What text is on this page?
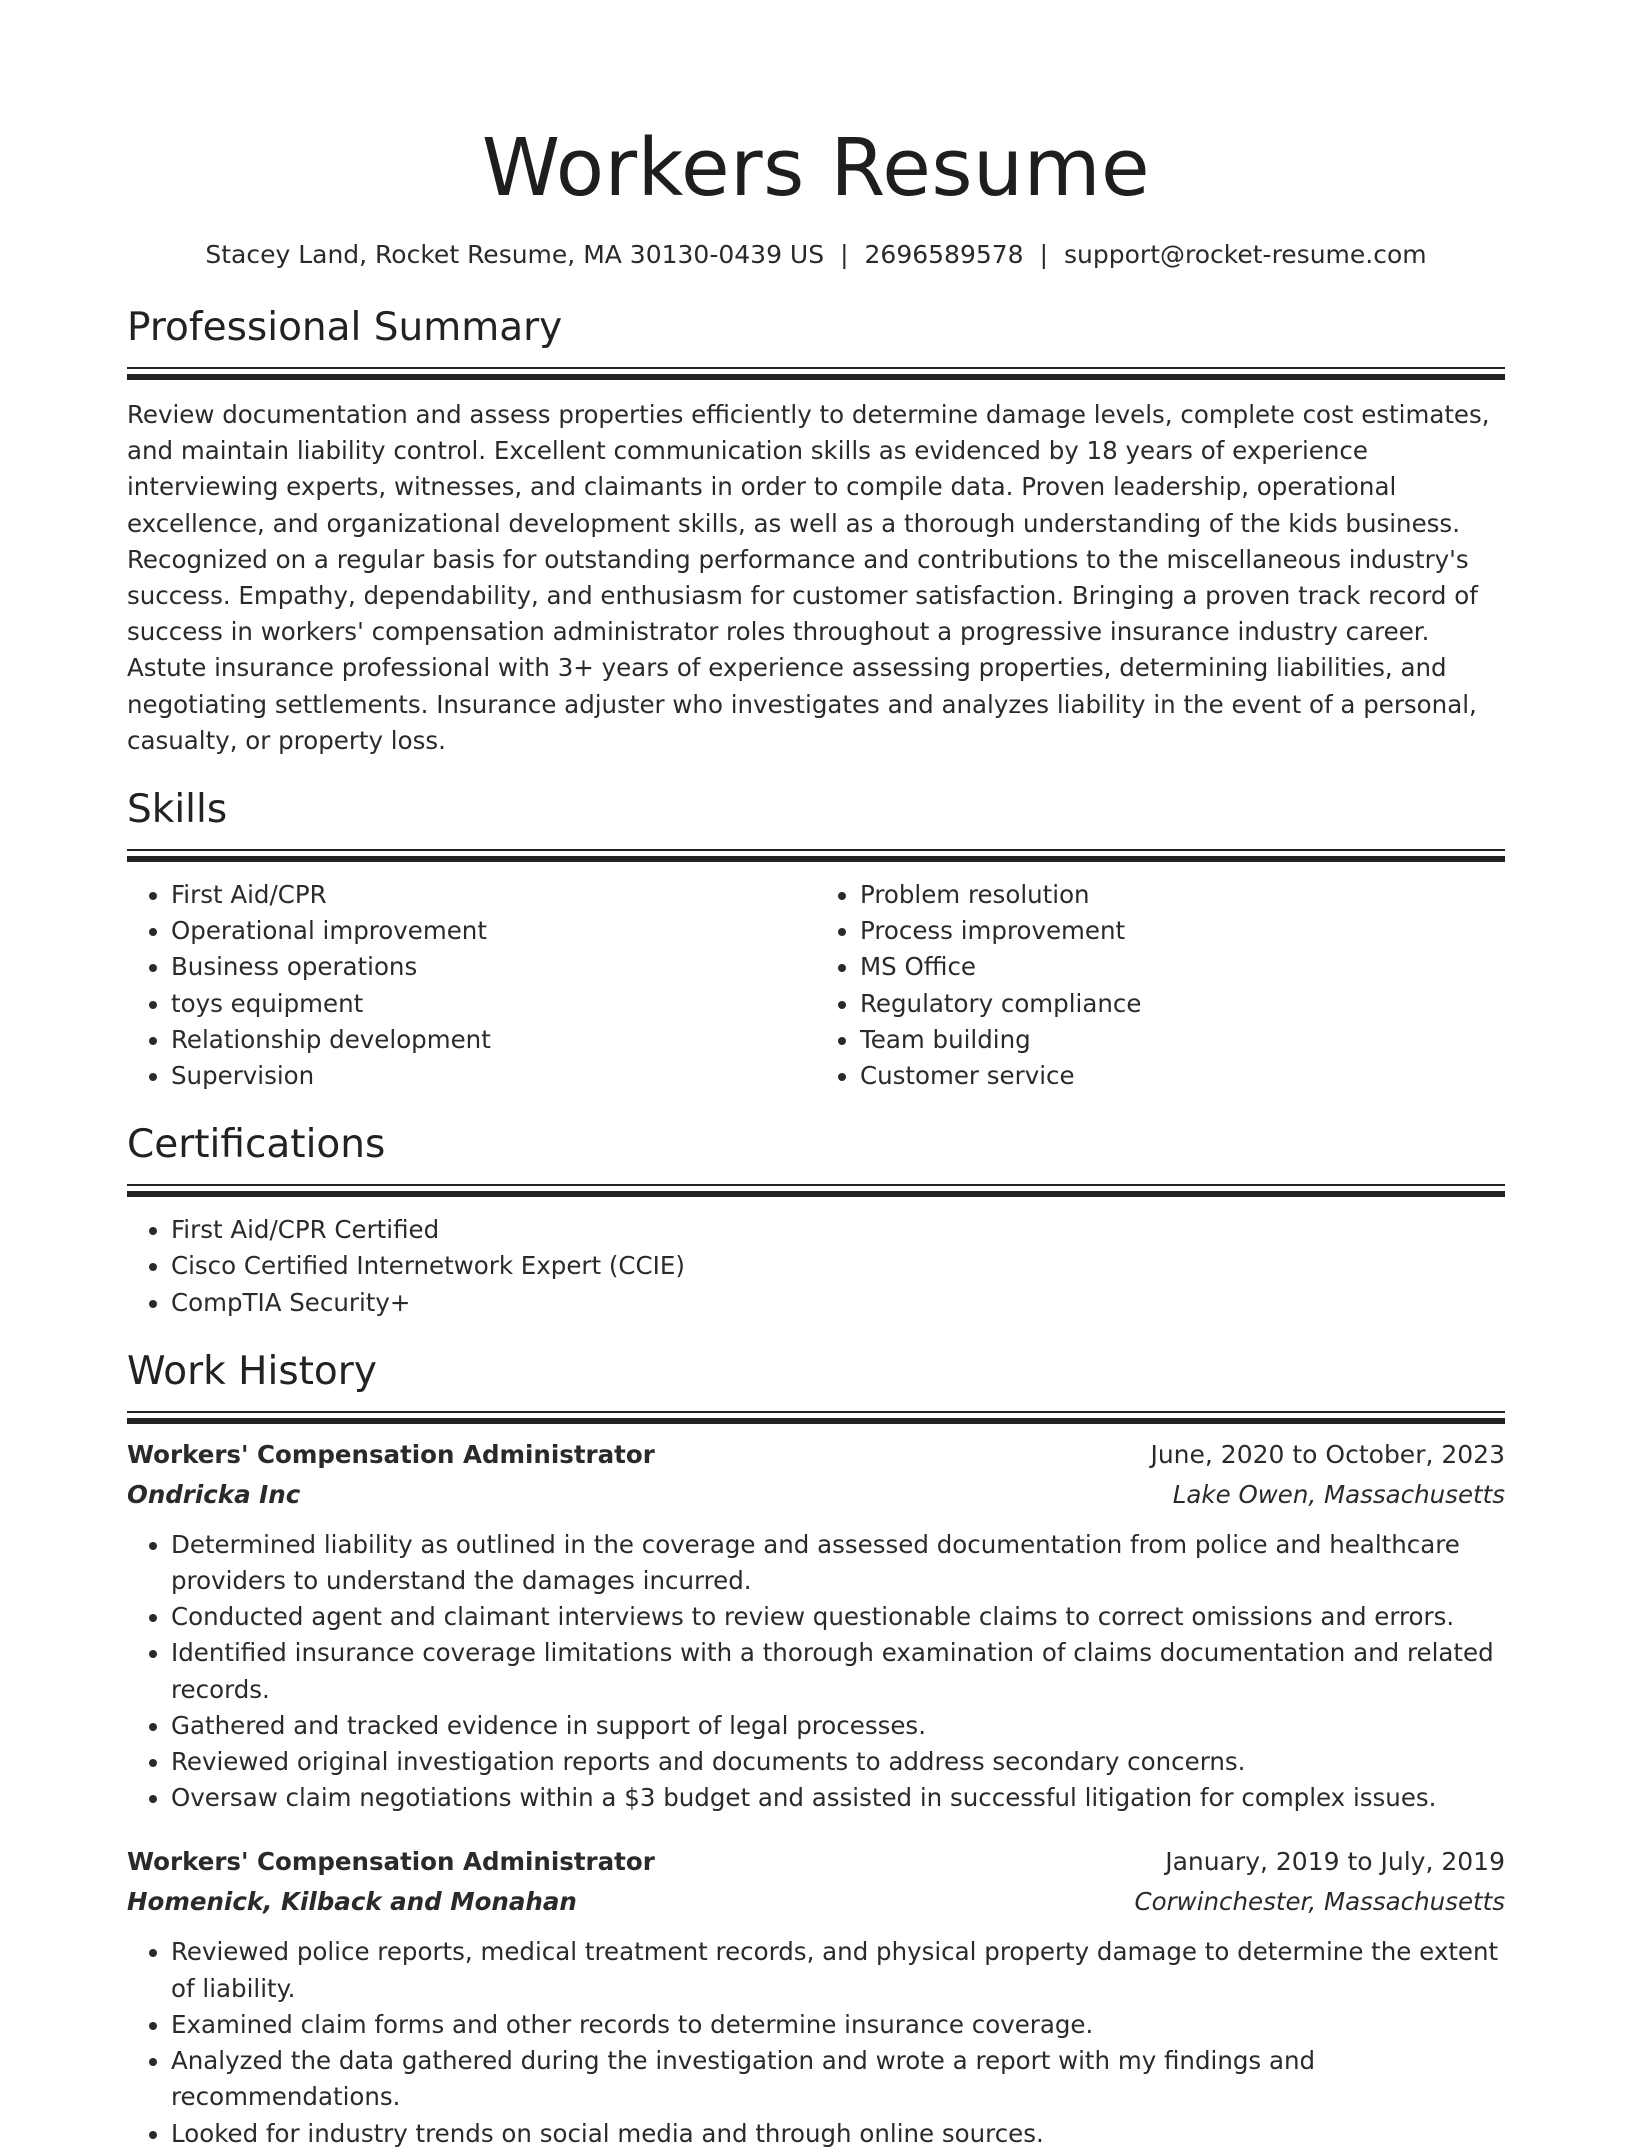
Workers Resume
Stacey Land, Rocket Resume, MA 30130-0439 US | 2696589578 | support@rocket-resume.com
Professional Summary
Review documentation and assess properties efficiently to determine damage levels, complete cost estimates, and maintain liability control. Excellent communication skills as evidenced by 18 years of experience interviewing experts, witnesses, and claimants in order to compile data. Proven leadership, operational excellence, and organizational development skills, as well as a thorough understanding of the kids business. Recognized on a regular basis for outstanding performance and contributions to the miscellaneous industry's success. Empathy, dependability, and enthusiasm for customer satisfaction. Bringing a proven track record of success in workers' compensation administrator roles throughout a progressive insurance industry career. Astute insurance professional with 3+ years of experience assessing properties, determining liabilities, and negotiating settlements. Insurance adjuster who investigates and analyzes liability in the event of a personal, casualty, or property loss.
Skills
• First Aid/CPR
• Operational improvement
• Business operations
• toys equipment
• Relationship development
• Supervision
• Problem resolution
• Process improvement
• MS Office
• Regulatory compliance
• Team building
• Customer service
Certifications
• First Aid/CPR Certified
• Cisco Certified Internetwork Expert (CCIE)
• CompTIA Security+
Work History
Workers' Compensation Administrator	June, 2020 to October, 2023
Ondricka Inc	Lake Owen, Massachusetts
• Determined liability as outlined in the coverage and assessed documentation from police and healthcare providers to understand the damages incurred.
• Conducted agent and claimant interviews to review questionable claims to correct omissions and errors.
• Identified insurance coverage limitations with a thorough examination of claims documentation and related records.
• Gathered and tracked evidence in support of legal processes.
• Reviewed original investigation reports and documents to address secondary concerns.
• Oversaw claim negotiations within a $3 budget and assisted in successful litigation for complex issues.
Workers' Compensation Administrator	January, 2019 to July, 2019
Homenick, Kilback and Monahan	Corwinchester, Massachusetts
• Reviewed police reports, medical treatment records, and physical property damage to determine the extent of liability.
• Examined claim forms and other records to determine insurance coverage.
• Analyzed the data gathered during the investigation and wrote a report with my findings and recommendations.
• Looked for industry trends on social media and through online sources.
